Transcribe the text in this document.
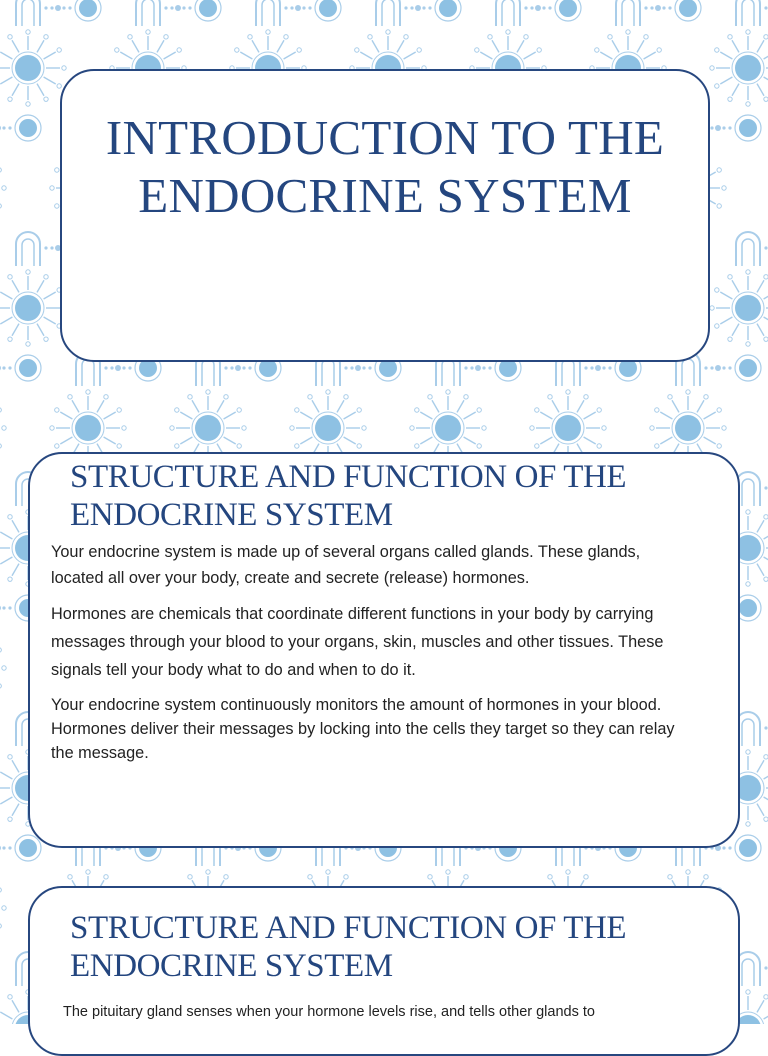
INTRODUCTION TO THE ENDOCRINE SYSTEM
STRUCTURE AND FUNCTION OF THE ENDOCRINE SYSTEM

Your endocrine system is made up of several organs called glands. These glands, located all over your body, create and secrete (release) hormones.

Hormones are chemicals that coordinate different functions in your body by carrying messages through your blood to your organs, skin, muscles and other tissues. These signals tell your body what to do and when to do it.

Your endocrine system continuously monitors the amount of hormones in your blood. Hormones deliver their messages by locking into the cells they target so they can relay the message.

STRUCTURE AND FUNCTION OF THE ENDOCRINE SYSTEM

The pituitary gland senses when your hormone levels rise, and tells other glands to
